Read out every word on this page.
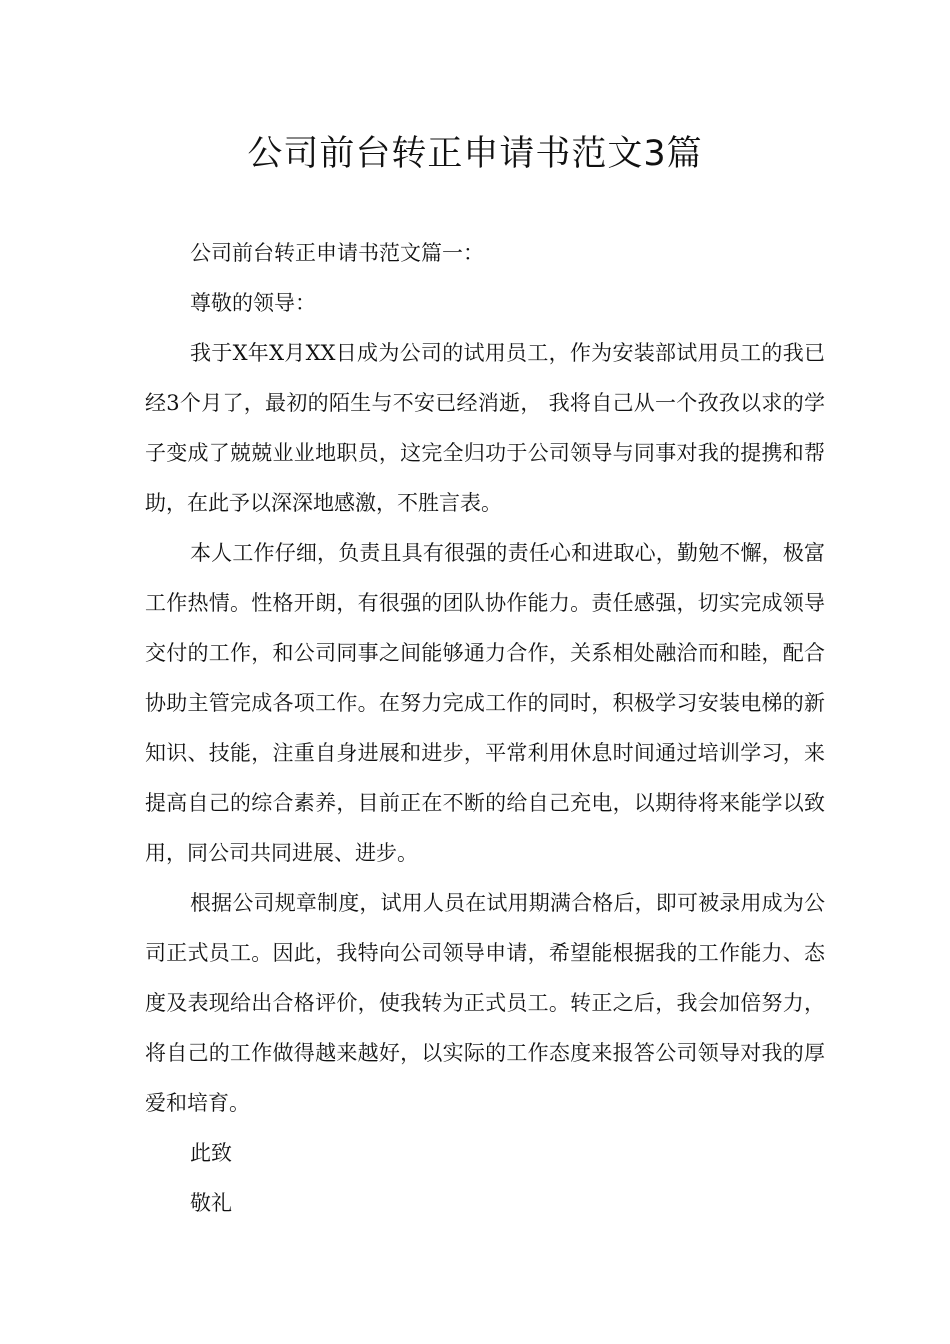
公司前台转正申请书范文3篇

公司前台转正申请书范文篇一：

尊敬的领导：

我于X年X月XX日成为公司的试用员工，作为安装部试用员工的我已经3个月了，最初的陌生与不安已经消逝， 我将自己从一个孜孜以求的学子变成了兢兢业业地职员，这完全归功于公司领导与同事对我的提携和帮助，在此予以深深地感激，不胜言表。

本人工作仔细，负责且具有很强的责任心和进取心，勤勉不懈，极富工作热情。性格开朗，有很强的团队协作能力。责任感强，切实完成领导交付的工作，和公司同事之间能够通力合作，关系相处融洽而和睦，配合协助主管完成各项工作。在努力完成工作的同时，积极学习安装电梯的新知识、技能，注重自身进展和进步，平常利用休息时间通过培训学习，来提高自己的综合素养，目前正在不断的给自己充电，以期待将来能学以致用，同公司共同进展、进步。

根据公司规章制度，试用人员在试用期满合格后，即可被录用成为公司正式员工。因此，我特向公司领导申请，希望能根据我的工作能力、态度及表现给出合格评价，使我转为正式员工。转正之后，我会加倍努力，将自己的工作做得越来越好，以实际的工作态度来报答公司领导对我的厚爱和培育。

此致

敬礼
